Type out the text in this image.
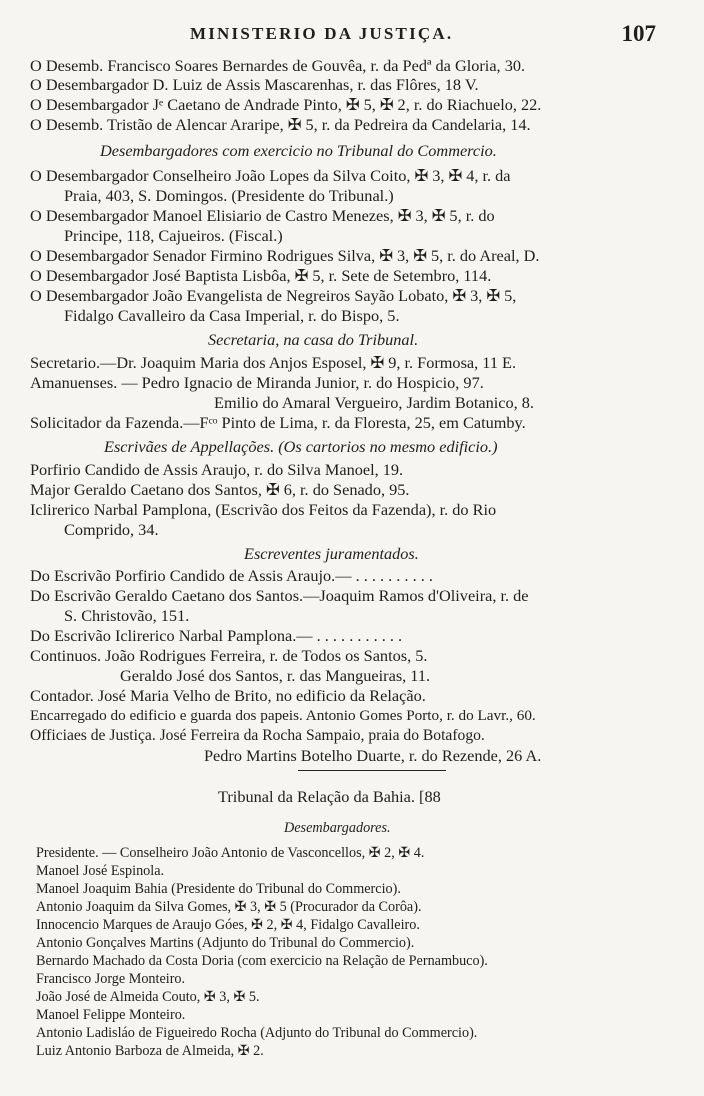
MINISTERIO DA JUSTIÇA.	107
O Desemb. Francisco Soares Bernardes de Gouvêa, r. da Pedª da Gloria, 30.
O Desembargador D. Luiz de Assis Mascarenhas, r. das Flôres, 18 V.
O Desembargador Jᵉ Caetano de Andrade Pinto, ✠ 5, ✠ 2, r. do Riachuelo, 22.
O Desemb. Tristão de Alencar Araripe, ✠ 5, r. da Pedreira da Candelaria, 14.
Desembargadores com exercicio no Tribunal do Commercio.
O Desembargador Conselheiro João Lopes da Silva Coito, ✠ 3, ✠ 4, r. da
Praia, 403, S. Domingos. (Presidente do Tribunal.)
O Desembargador Manoel Elisiario de Castro Menezes, ✠ 3, ✠ 5, r. do
Principe, 118, Cajueiros. (Fiscal.)
O Desembargador Senador Firmino Rodrigues Silva, ✠ 3, ✠ 5, r. do Areal, D.
O Desembargador José Baptista Lisbôa, ✠ 5, r. Sete de Setembro, 114.
O Desembargador João Evangelista de Negreiros Sayão Lobato, ✠ 3, ✠ 5,
Fidalgo Cavalleiro da Casa Imperial, r. do Bispo, 5.
Secretaria, na casa do Tribunal.
Secretario.—Dr. Joaquim Maria dos Anjos Esposel, ✠ 9, r. Formosa, 11 E.
Amanuenses. — Pedro Ignacio de Miranda Junior, r. do Hospicio, 97.
Emilio do Amaral Vergueiro, Jardim Botanico, 8.
Solicitador da Fazenda.—Fᶜᵒ Pinto de Lima, r. da Floresta, 25, em Catumby.
Escrivães de Appellações. (Os cartorios no mesmo edificio.)
Porfirio Candido de Assis Araujo, r. do Silva Manoel, 19.
Major Geraldo Caetano dos Santos, ✠ 6, r. do Senado, 95.
Iclirerico Narbal Pamplona, (Escrivão dos Feitos da Fazenda), r. do Rio
Comprido, 34.
Escreventes juramentados.
Do Escrivão Porfirio Candido de Assis Araujo.— . . . . . . . . . .
Do Escrivão Geraldo Caetano dos Santos.—Joaquim Ramos d'Oliveira, r. de
S. Christovão, 151.
Do Escrivão Iclirerico Narbal Pamplona.— . . . . . . . . . . .
Continuos. João Rodrigues Ferreira, r. de Todos os Santos, 5.
Geraldo José dos Santos, r. das Mangueiras, 11.
Contador. José Maria Velho de Brito, no edificio da Relação.
Encarregado do edificio e guarda dos papeis. Antonio Gomes Porto, r. do Lavr., 60.
Officiaes de Justiça. José Ferreira da Rocha Sampaio, praia do Botafogo.
Pedro Martins Botelho Duarte, r. do Rezende, 26 A.
Tribunal da Relação da Bahia. [88
Desembargadores.
Presidente. — Conselheiro João Antonio de Vasconcellos, ✠ 2, ✠ 4.
Manoel José Espinola.
Manoel Joaquim Bahia (Presidente do Tribunal do Commercio).
Antonio Joaquim da Silva Gomes, ✠ 3, ✠ 5 (Procurador da Corôa).
Innocencio Marques de Araujo Góes, ✠ 2, ✠ 4, Fidalgo Cavalleiro.
Antonio Gonçalves Martins (Adjunto do Tribunal do Commercio).
Bernardo Machado da Costa Doria (com exercicio na Relação de Pernambuco).
Francisco Jorge Monteiro.
João José de Almeida Couto, ✠ 3, ✠ 5.
Manoel Felippe Monteiro.
Antonio Ladisláo de Figueiredo Rocha (Adjunto do Tribunal do Commercio).
Luiz Antonio Barboza de Almeida, ✠ 2.
